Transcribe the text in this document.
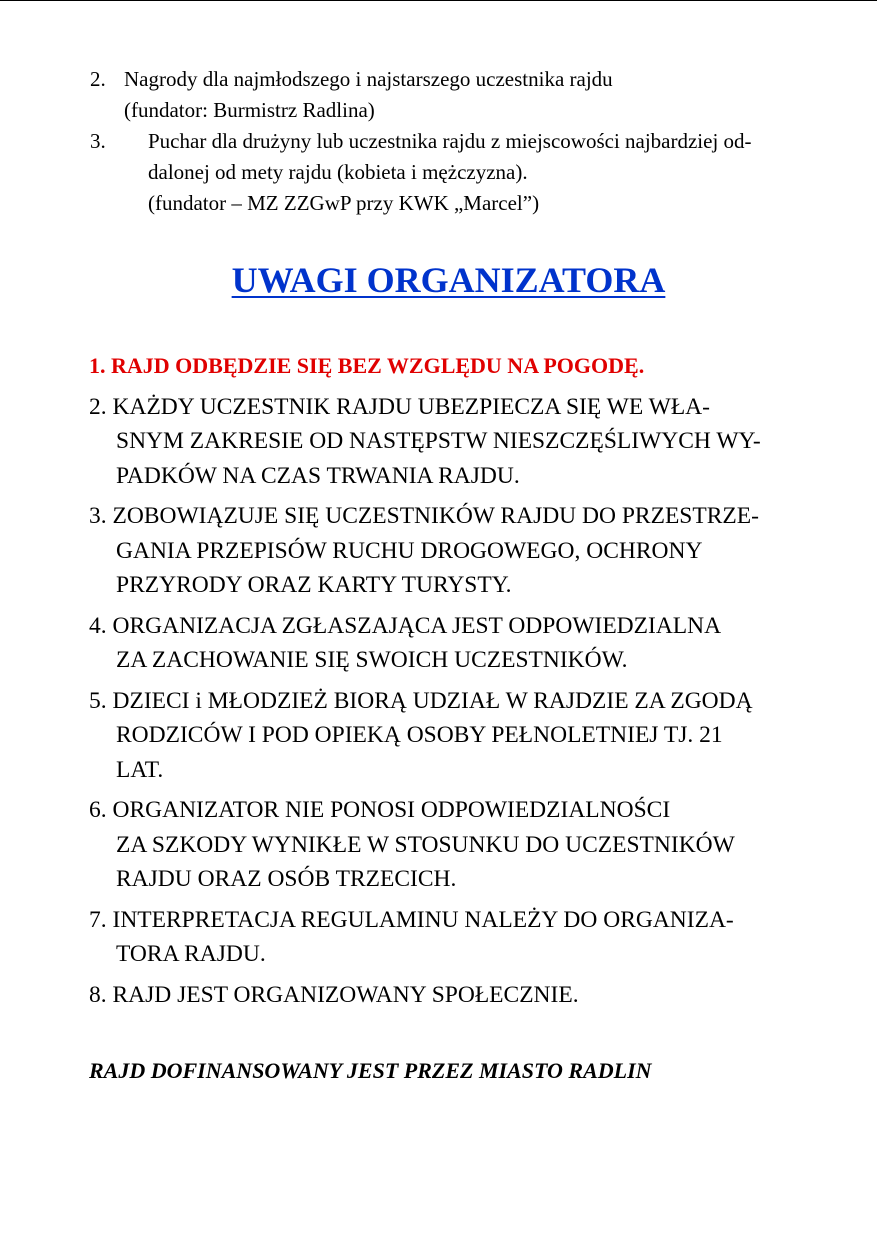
2. Nagrody dla najmłodszego i najstarszego uczestnika rajdu
(fundator: Burmistrz Radlina)
3.	Puchar dla drużyny lub uczestnika rajdu z miejscowości najbardziej od-
dalonej od mety rajdu (kobieta i mężczyzna).
(fundator – MZ ZZGwP przy KWK „Marcel”)
UWAGI ORGANIZATORA
1. RAJD ODBĘDZIE SIĘ BEZ WZGLĘDU NA POGODĘ.
2. KAŻDY UCZESTNIK RAJDU UBEZPIECZA SIĘ WE WŁA-
SNYM ZAKRESIE OD NASTĘPSTW NIESZCZĘŚLIWYCH WY-
PADKÓW NA CZAS TRWANIA RAJDU.
3. ZOBOWIĄZUJE SIĘ UCZESTNIKÓW RAJDU DO PRZESTRZE-
GANIA PRZEPISÓW RUCHU DROGOWEGO, OCHRONY
PRZYRODY ORAZ KARTY TURYSTY.
4. ORGANIZACJA ZGŁASZAJĄCA JEST ODPOWIEDZIALNA
ZA ZACHOWANIE SIĘ SWOICH UCZESTNIKÓW.
5. DZIECI i MŁODZIEŻ BIORĄ UDZIAŁ W RAJDZIE ZA ZGODĄ
RODZICÓW I POD OPIEKĄ OSOBY PEŁNOLETNIEJ TJ. 21
LAT.
6. ORGANIZATOR NIE PONOSI ODPOWIEDZIALNOŚCI
ZA SZKODY WYNIKŁE W STOSUNKU DO UCZESTNIKÓW
RAJDU ORAZ OSÓB TRZECICH.
7. INTERPRETACJA REGULAMINU NALEŻY DO ORGANIZA-
TORA RAJDU.
8. RAJD JEST ORGANIZOWANY SPOŁECZNIE.
RAJD DOFINANSOWANY JEST PRZEZ MIASTO RADLIN
